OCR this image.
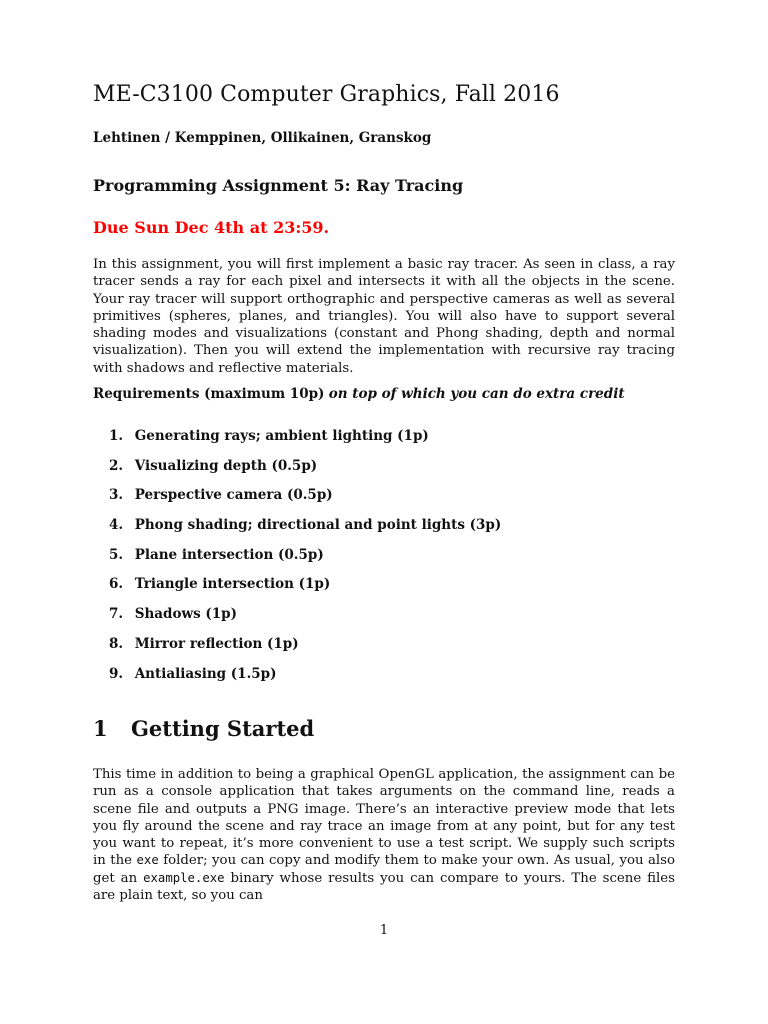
ME-C3100 Computer Graphics, Fall 2016
Lehtinen / Kemppinen, Ollikainen, Granskog
Programming Assignment 5: Ray Tracing
Due Sun Dec 4th at 23:59.

In this assignment, you will first implement a basic ray tracer. As seen in class, a ray tracer sends a ray for each pixel and intersects it with all the objects in the scene. Your ray tracer will support orthographic and perspective cameras as well as several primitives (spheres, planes, and triangles). You will also have to support several shading modes and visualizations (constant and Phong shading, depth and normal visualization). Then you will extend the implementation with recursive ray tracing with shadows and reflective materials.

Requirements (maximum 10p) on top of which you can do extra credit
1. Generating rays; ambient lighting (1p)
2. Visualizing depth (0.5p)
3. Perspective camera (0.5p)
4. Phong shading; directional and point lights (3p)
5. Plane intersection (0.5p)
6. Triangle intersection (1p)
7. Shadows (1p)
8. Mirror reflection (1p)
9. Antialiasing (1.5p)
1 Getting Started

This time in addition to being a graphical OpenGL application, the assignment can be run as a console application that takes arguments on the command line, reads a scene file and outputs a PNG image. There’s an interactive preview mode that lets you fly around the scene and ray trace an image from at any point, but for any test you want to repeat, it’s more convenient to use a test script. We supply such scripts in the exe folder; you can copy and modify them to make your own. As usual, you also get an example.exe binary whose results you can compare to yours. The scene files are plain text, so you can

1
